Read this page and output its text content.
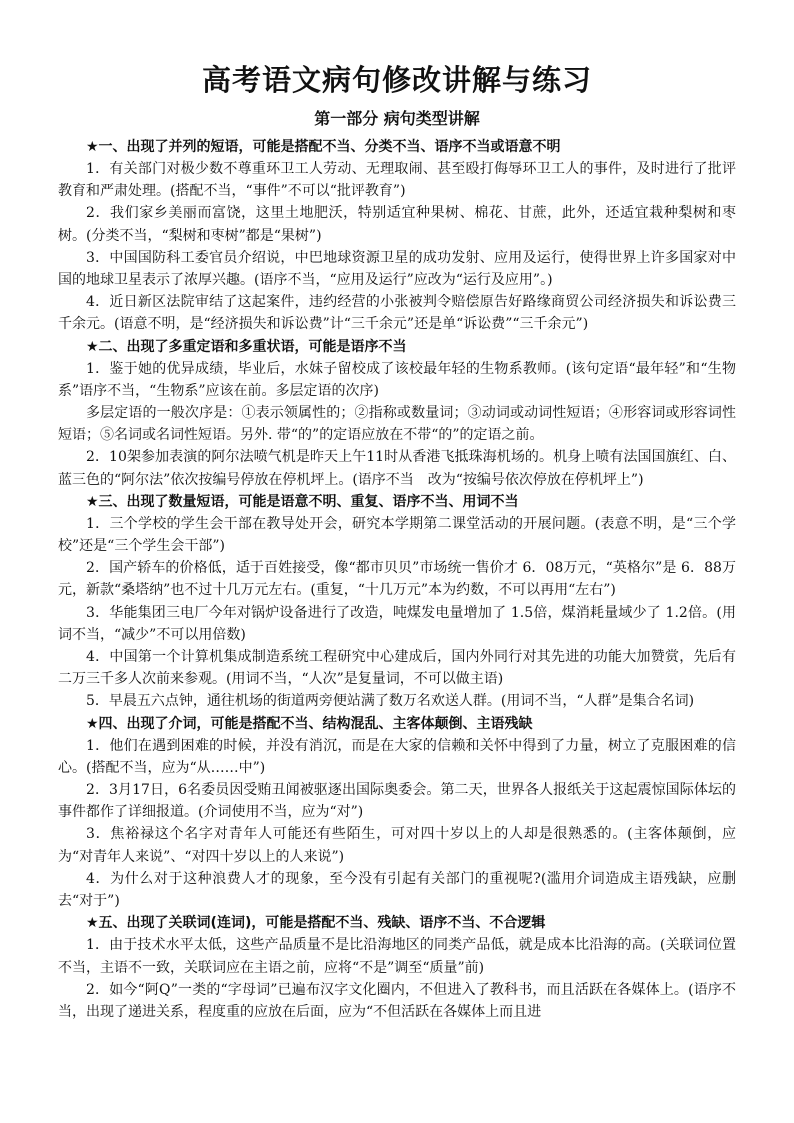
高考语文病句修改讲解与练习
第一部分 病句类型讲解

★一、出现了并列的短语，可能是搭配不当、分类不当、语序不当或语意不明

1．有关部门对极少数不尊重环卫工人劳动、无理取闹、甚至殴打侮辱环卫工人的事件，及时进行了批评教育和严肃处理。(搭配不当，“事件”不可以“批评教育”)

2．我们家乡美丽而富饶，这里土地肥沃，特别适宜种果树、棉花、甘蔗，此外，还适宜栽种梨树和枣树。(分类不当，“梨树和枣树”都是“果树”)

3．中国国防科工委官员介绍说，中巴地球资源卫星的成功发射、应用及运行，使得世界上许多国家对中国的地球卫星表示了浓厚兴趣。(语序不当，“应用及运行”应改为“运行及应用”。)

4．近日新区法院审结了这起案件，违约经营的小张被判令赔偿原告好路缘商贸公司经济损失和诉讼费三千余元。(语意不明，是“经济损失和诉讼费”计“三千余元”还是单“诉讼费”“三千余元”)

★二、出现了多重定语和多重状语，可能是语序不当

1．鉴于她的优异成绩，毕业后，水妹子留校成了该校最年轻的生物系教师。(该句定语“最年轻”和“生物系”语序不当，“生物系”应该在前。多层定语的次序)

多层定语的一般次序是：①表示领属性的；②指称或数量词；③动词或动词性短语；④形容词或形容词性短语；⑤名词或名词性短语。另外. 带“的”的定语应放在不带“的”的定语之前。

2．10架参加表演的阿尔法喷气机是昨天上午11时从香港飞抵珠海机场的。机身上喷有法国国旗红、白、蓝三色的“阿尔法”依次按编号停放在停机坪上。(语序不当　改为“按编号依次停放在停机坪上”)

★三、出现了数量短语，可能是语意不明、重复、语序不当、用词不当

1．三个学校的学生会干部在教导处开会，研究本学期第二课堂活动的开展问题。(表意不明，是“三个学校”还是“三个学生会干部”)

2．国产轿车的价格低，适于百姓接受，像“都市贝贝”市场统一售价才 6．08万元，“英格尔”是 6．88万元，新款“桑塔纳”也不过十几万元左右。(重复，“十几万元”本为约数，不可以再用“左右”)

3．华能集团三电厂今年对锅炉设备进行了改造，吨煤发电量增加了 1.5倍，煤消耗量域少了 1.2倍。(用词不当，“减少”不可以用倍数)

4．中国第一个计算机集成制造系统工程研究中心建成后，国内外同行对其先进的功能大加赞赏，先后有二万三千多人次前来参观。(用词不当，“人次”是复量词，不可以做主语)

5．早晨五六点钟，通往机场的街道两旁便站满了数万名欢送人群。(用词不当，“人群”是集合名词)

★四、出现了介词，可能是搭配不当、结构混乱、主客体颠倒、主语残缺

1．他们在遇到困难的时候，并没有消沉，而是在大家的信赖和关怀中得到了力量，树立了克服困难的信心。(搭配不当，应为“从……中”)

2．3月17日，6名委员因受贿丑闻被驱逐出国际奥委会。第二天，世界各人报纸关于这起震惊国际体坛的事件都作了详细报道。(介词使用不当，应为“对”)

3．焦裕禄这个名字对青年人可能还有些陌生，可对四十岁以上的人却是很熟悉的。(主客体颠倒，应为“对青年人来说”、“对四十岁以上的人来说”)

4．为什么对于这种浪费人才的现象，至今没有引起有关部门的重视呢?(滥用介词造成主语残缺，应删去“对于”)

★五、出现了关联词(连词)，可能是搭配不当、残缺、语序不当、不合逻辑

1．由于技术水平太低，这些产品质量不是比沿海地区的同类产品低，就是成本比沿海的高。(关联词位置不当，主语不一致，关联词应在主语之前，应将“不是”调至“质量”前)

2．如今“阿Q”一类的“字母词”已遍布汉字文化圈内，不但进入了教科书，而且活跃在各媒体上。(语序不当，出现了递进关系，程度重的应放在后面，应为“不但活跃在各媒体上而且进
